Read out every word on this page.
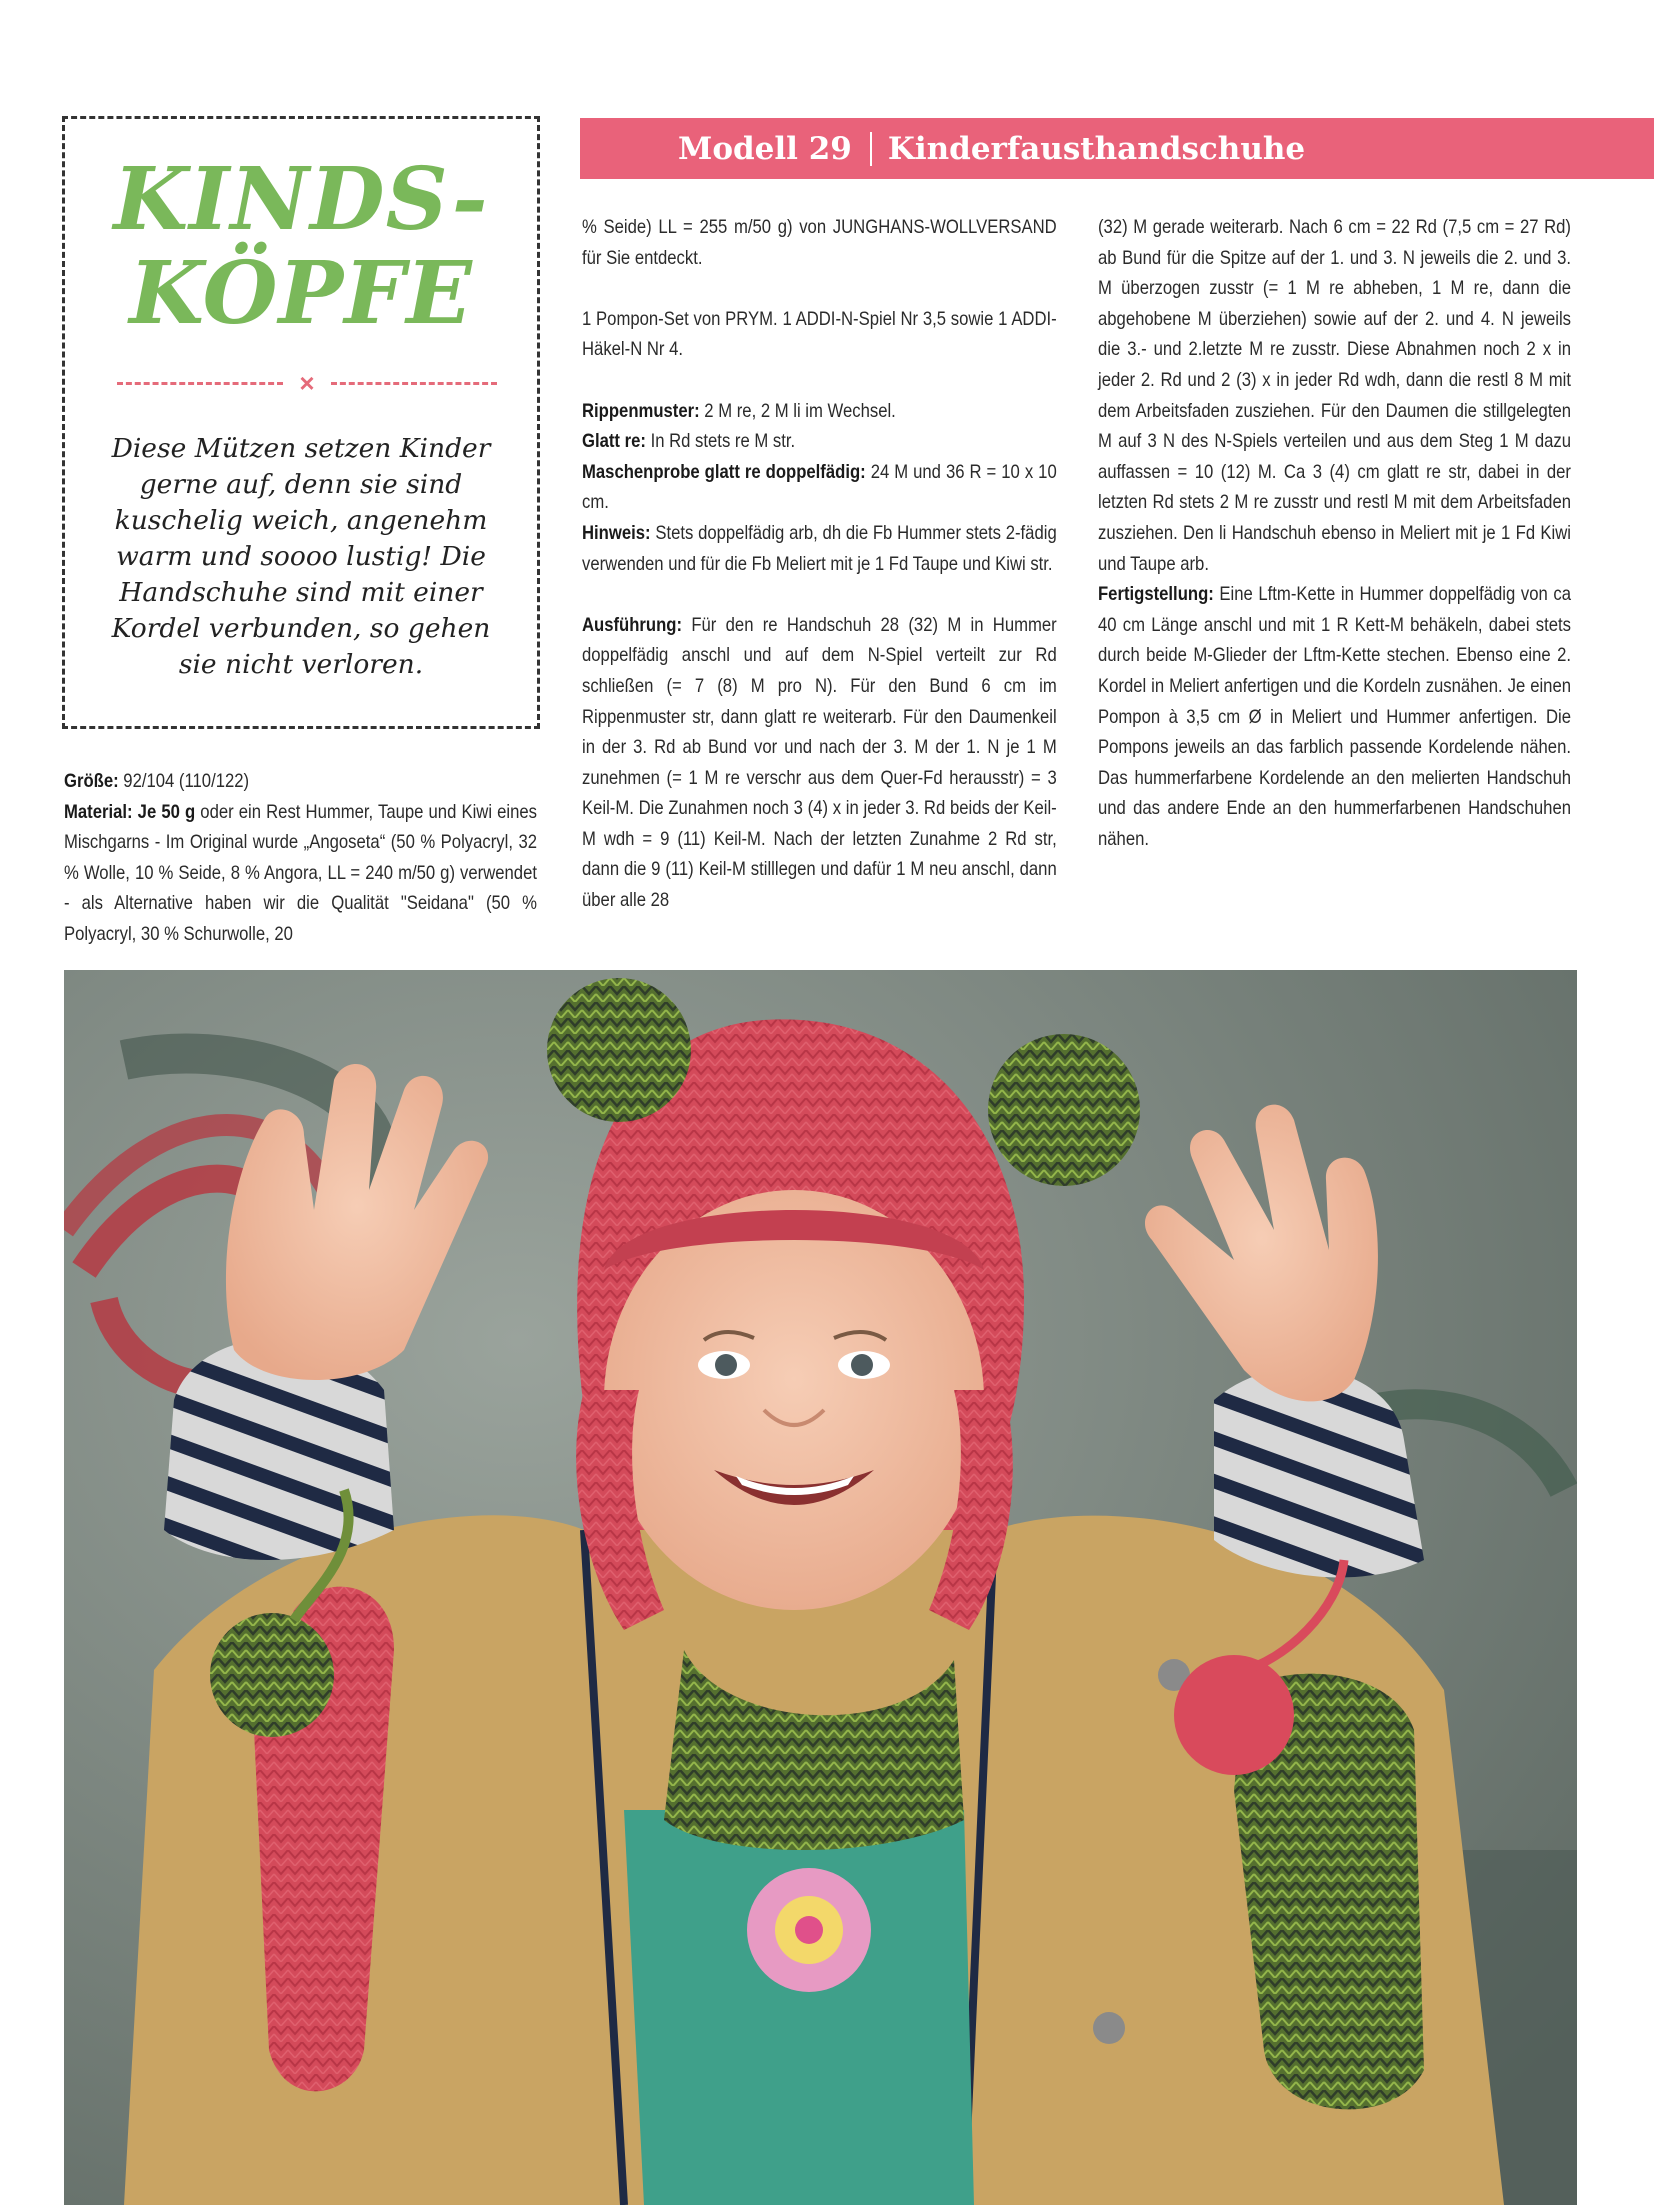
KINDS-
KÖPFE
×

Diese Mützen setzen Kinder gerne auf, denn sie sind kuschelig weich, angenehm warm und soooo lustig! Die Handschuhe sind mit einer Kordel verbunden, so gehen sie nicht verloren.

Modell 29 Kinderfausthandschuhe

Größe: 92/104 (110/122)

Material: Je 50 g oder ein Rest Hummer, Taupe und Kiwi eines Mischgarns - Im Original wurde „Angoseta“ (50 % Polyacryl, 32 % Wolle, 10 % Seide, 8 % Angora, LL = 240 m/50 g) verwendet - als Alternative haben wir die Qualität "Seidana" (50 % Polyacryl, 30 % Schurwolle, 20

% Seide) LL = 255 m/50 g) von JUNGHANS-WOLLVERSAND für Sie entdeckt.

1 Pompon-Set von PRYM. 1 ADDI-N-Spiel Nr 3,5 sowie 1 ADDI-Häkel-N Nr 4.

Rippenmuster: 2 M re, 2 M li im Wechsel.

Glatt re: In Rd stets re M str.

Maschenprobe glatt re doppelfädig: 24 M und 36 R = 10 x 10 cm.

Hinweis: Stets doppelfädig arb, dh die Fb Hummer stets 2-fädig verwenden und für die Fb Meliert mit je 1 Fd Taupe und Kiwi str.

Ausführung: Für den re Handschuh 28 (32) M in Hummer doppelfädig anschl und auf dem N-Spiel verteilt zur Rd schließen (= 7 (8) M pro N). Für den Bund 6 cm im Rippenmuster str, dann glatt re weiterarb. Für den Daumenkeil in der 3. Rd ab Bund vor und nach der 3. M der 1. N je 1 M zunehmen (= 1 M re verschr aus dem Quer-Fd herausstr) = 3 Keil-M. Die Zunahmen noch 3 (4) x in jeder 3. Rd beids der Keil-M wdh = 9 (11) Keil-M. Nach der letzten Zunahme 2 Rd str, dann die 9 (11) Keil-M stilllegen und dafür 1 M neu anschl, dann über alle 28

(32) M gerade weiterarb. Nach 6 cm = 22 Rd (7,5 cm = 27 Rd) ab Bund für die Spitze auf der 1. und 3. N jeweils die 2. und 3. M überzogen zusstr (= 1 M re abheben, 1 M re, dann die abgehobene M überziehen) sowie auf der 2. und 4. N jeweils die 3.- und 2.letzte M re zusstr. Diese Abnahmen noch 2 x in jeder 2. Rd und 2 (3) x in jeder Rd wdh, dann die restl 8 M mit dem Arbeitsfaden zusziehen. Für den Daumen die stillgelegten M auf 3 N des N-Spiels verteilen und aus dem Steg 1 M dazu auffassen = 10 (12) M. Ca 3 (4) cm glatt re str, dabei in der letzten Rd stets 2 M re zusstr und restl M mit dem Arbeitsfaden zusziehen. Den li Handschuh ebenso in Meliert mit je 1 Fd Kiwi und Taupe arb.

Fertigstellung: Eine Lftm-Kette in Hummer doppelfädig von ca 40 cm Länge anschl und mit 1 R Kett-M behäkeln, dabei stets durch beide M-Glieder der Lftm-Kette stechen. Ebenso eine 2. Kordel in Meliert anfertigen und die Kordeln zusnähen. Je einen Pompon à 3,5 cm Ø in Meliert und Hummer anfertigen. Die Pompons jeweils an das farblich passende Kordelende nähen. Das hummerfarbene Kordelende an den melierten Handschuh und das andere Ende an den hummerfarbenen Handschuhen nähen.
